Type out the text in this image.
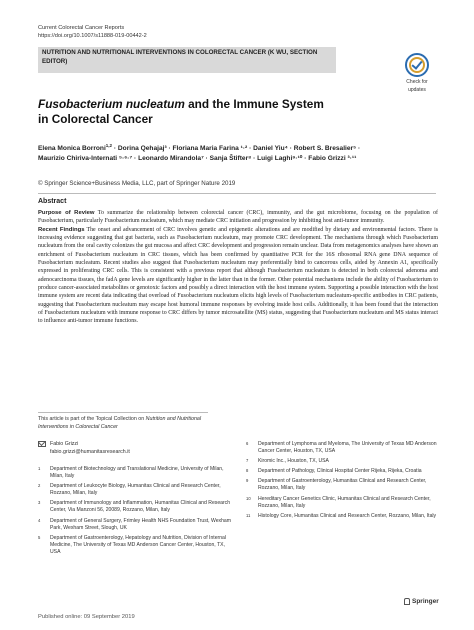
Current Colorectal Cancer Reports
https://doi.org/10.1007/s11888-019-00442-2
NUTRITION AND NUTRITIONAL INTERVENTIONS IN COLORECTAL CANCER (K WU, SECTION EDITOR)
Check for
updates
Fusobacterium nucleatum and the Immune System
in Colorectal Cancer
Elena Monica Borroni$^{1,2}$ · Dorina Qehajaj³ · Floriana Maria Farina ¹·² · Daniel Yiu⁴ · Robert S. Bresalier⁵ ·
Maurizio Chiriva-Internati ⁵·⁶·⁷ · Leonardo Mirandola⁷ · Sanja Štifter⁸ · Luigi Laghi⁹·¹⁰ · Fabio Grizzi ³·¹¹
© Springer Science+Business Media, LLC, part of Springer Nature 2019
Abstract
Purpose of Review To summarize the relationship between colorectal cancer (CRC), immunity, and the gut microbiome, focusing on the population of Fusobacterium, particularly Fusobacterium nucleatum, which may mediate CRC initiation and progression by inhibiting host anti-tumor immunity.
Recent Findings The onset and advancement of CRC involves genetic and epigenetic alterations and are modified by dietary and environmental factors. There is increasing evidence suggesting that gut bacteria, such as Fusobacterium nucleatum, may promote CRC development. The mechanisms through which Fusobacterium nucleatum from the oral cavity colonizes the gut mucosa and affect CRC development and progression remain unclear. Data from metagenomics analyses have shown an enrichment of Fusobacterium nucleatum in CRC tissues, which has been confirmed by quantitative PCR for the 16S ribosomal RNA gene DNA sequence of Fusobacterium nucleatum. Recent studies also suggest that Fusobacterium nucleatum may preferentially bind to cancerous cells, aided by Annexin A1, specifically expressed in proliferating CRC cells. This is consistent with a previous report that although Fusobacterium nucleatum is detected in both colorectal adenoma and adenocarcinoma tissues, the fadA gene levels are significantly higher in the latter than in the former. Other potential mechanisms include the ability of Fusobacterium to produce cancer-associated metabolites or genotoxic factors and possibly a direct interaction with the host immune system. Supporting a possible interaction with the host immune system are recent data indicating that overload of Fusobacterium nucleatum elicits high levels of Fusobacterium nucleatum-specific antibodies in CRC patients, suggesting that Fusobacterium nucleatum may escape host humoral immune responses by evolving inside host cells. Additionally, it has been found that the interaction of Fusobacterium nucleatum with immune response to CRC differs by tumor microsatellite (MS) status, suggesting that Fusobacterium nucleatum and MS status interact to influence anti-tumor immune functions.
This article is part of the Topical Collection on Nutrition and Nutritional Interventions in Colorectal Cancer
Fabio Grizzi
fabio.grizzi@humanitasresearch.it
1 Department of Biotechnology and Translational Medicine, University of Milan, Milan, Italy
2 Department of Leukocyte Biology, Humanitas Clinical and Research Center, Rozzano, Milan, Italy
3 Department of Immunology and Inflammation, Humanitas Clinical and Research Center, Via Manzoni 56, 20089, Rozzano, Milan, Italy
4 Department of General Surgery, Frimley Health NHS Foundation Trust, Wexham Park, Wexham Street, Slough, UK
5 Department of Gastroenterology, Hepatology and Nutrition, Division of Internal Medicine, The University of Texas MD Anderson Cancer Center, Houston, TX, USA
6 Department of Lymphoma and Myeloma, The University of Texas MD Anderson Cancer Center, Houston, TX, USA
7 Kiromic Inc., Houston, TX, USA
8 Department of Pathology, Clinical Hospital Center Rijeka, Rijeka, Croatia
9 Department of Gastroenterology, Humanitas Clinical and Research Center, Rozzano, Milan, Italy
10 Hereditary Cancer Genetics Clinic, Humanitas Clinical and Research Center, Rozzano, Milan, Italy
11 Histology Core, Humanitas Clinical and Research Center, Rozzano, Milan, Italy
Springer
Published online: 09 September 2019
